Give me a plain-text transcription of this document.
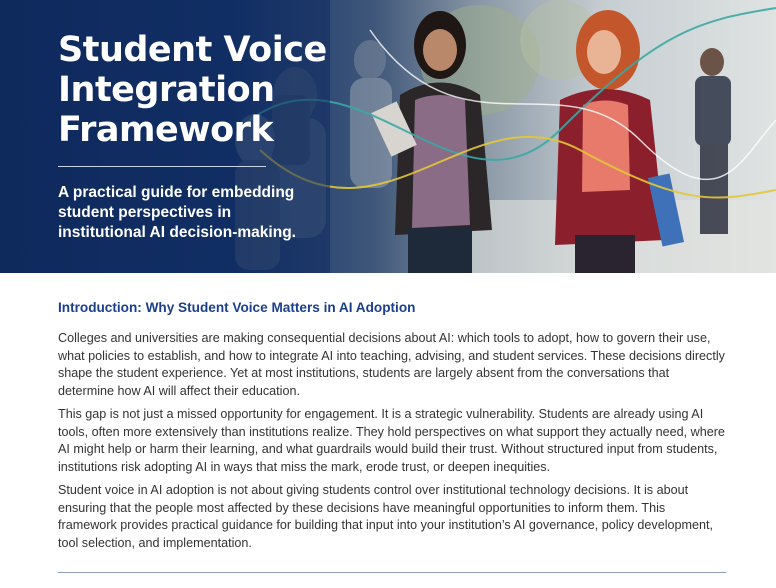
Student Voice Integration Framework

A practical guide for embedding student perspectives in institutional AI decision-making.

Introduction: Why Student Voice Matters in AI Adoption

Colleges and universities are making consequential decisions about AI: which tools to adopt, how to govern their use, what policies to establish, and how to integrate AI into teaching, advising, and student services. These decisions directly shape the student experience. Yet at most institutions, students are largely absent from the conversations that determine how AI will affect their education.

This gap is not just a missed opportunity for engagement. It is a strategic vulnerability. Students are already using AI tools, often more extensively than institutions realize. They hold perspectives on what support they actually need, where AI might help or harm their learning, and what guardrails would build their trust. Without structured input from students, institutions risk adopting AI in ways that miss the mark, erode trust, or deepen inequities.

Student voice in AI adoption is not about giving students control over institutional technology decisions. It is about ensuring that the people most affected by these decisions have meaningful opportunities to inform them. This framework provides practical guidance for building that input into your institution’s AI governance, policy development, tool selection, and implementation.
